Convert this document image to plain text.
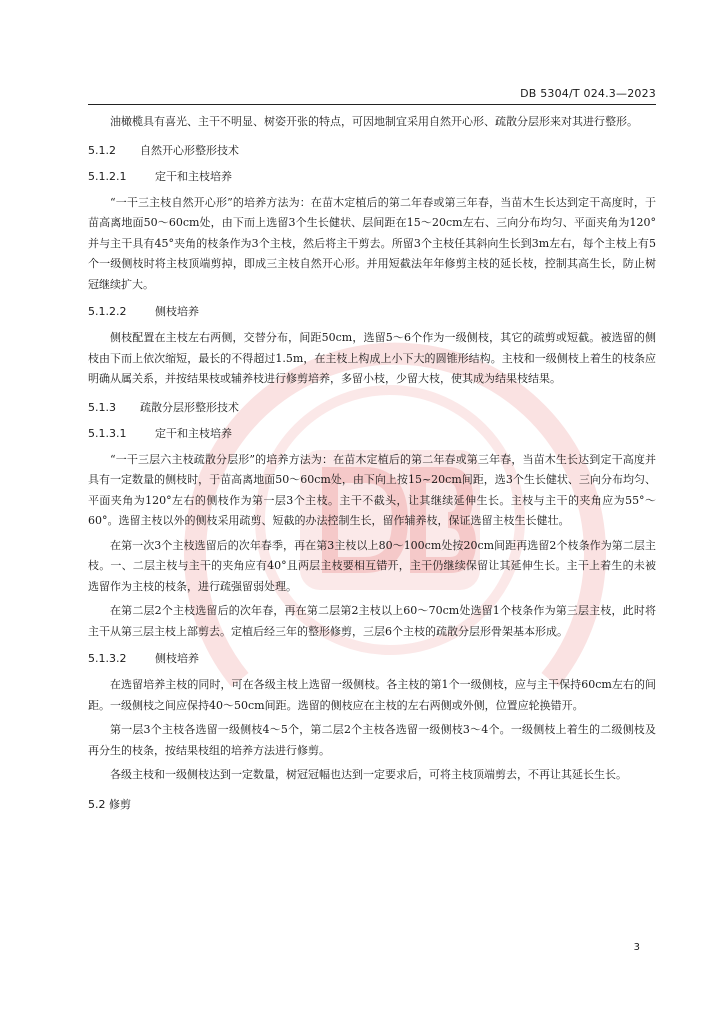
DB 5304/T 024.3—2023

油橄榄具有喜光、主干不明显、树姿开张的特点，可因地制宜采用自然开心形、疏散分层形来对其进行整形。

5.1.2 自然开心形整形技术
5.1.2.1	定干和主枝培养

“一干三主枝自然开心形”的培养方法为：在苗木定植后的第二年春或第三年春，当苗木生长达到定干高度时，于苗高离地面50～60cm处，由下而上选留3个生长健状、层间距在15～20cm左右、三向分布均匀、平面夹角为120°并与主干具有45°夹角的枝条作为3个主枝，然后将主干剪去。所留3个主枝任其斜向生长到3m左右，每个主枝上有5个一级侧枝时将主枝顶端剪掉，即成三主枝自然开心形。并用短截法年年修剪主枝的延长枝，控制其高生长，防止树冠继续扩大。

5.1.2.2	侧枝培养

侧枝配置在主枝左右两侧，交替分布，间距50cm，选留5～6个作为一级侧枝，其它的疏剪或短截。被选留的侧枝由下而上依次缩短，最长的不得超过1.5m，在主枝上构成上小下大的圆锥形结构。主枝和一级侧枝上着生的枝条应明确从属关系，并按结果枝或辅养枝进行修剪培养，多留小枝，少留大枝，使其成为结果枝结果。

5.1.3 疏散分层形整形技术
5.1.3.1	定干和主枝培养

“一干三层六主枝疏散分层形”的培养方法为：在苗木定植后的第二年春或第三年春，当苗木生长达到定干高度并具有一定数量的侧枝时，于苗高离地面50～60cm处，由下向上按15~20cm间距，选3个生长健状、三向分布均匀、平面夹角为120°左右的侧枝作为第一层3个主枝。主干不截头，让其继续延伸生长。主枝与主干的夹角应为55°～60°。选留主枝以外的侧枝采用疏剪、短截的办法控制生长，留作辅养枝，保证选留主枝生长健壮。

在第一次3个主枝选留后的次年春季，再在第3主枝以上80～100cm处按20cm间距再选留2个枝条作为第二层主枝。一、二层主枝与主干的夹角应有40°且两层主枝要相互错开，主干仍继续保留让其延伸生长。主干上着生的未被选留作为主枝的枝条，进行疏强留弱处理。

在第二层2个主枝选留后的次年春，再在第二层第2主枝以上60～70cm处选留1个枝条作为第三层主枝，此时将主干从第三层主枝上部剪去。定植后经三年的整形修剪，三层6个主枝的疏散分层形骨架基本形成。

5.1.3.2	侧枝培养

在选留培养主枝的同时，可在各级主枝上选留一级侧枝。各主枝的第1个一级侧枝，应与主干保持60cm左右的间距。一级侧枝之间应保持40～50cm间距。选留的侧枝应在主枝的左右两侧或外侧，位置应轮换错开。

第一层3个主枝各选留一级侧枝4～5个，第二层2个主枝各选留一级侧枝3～4个。一级侧枝上着生的二级侧枝及再分生的枝条，按结果枝组的培养方法进行修剪。

各级主枝和一级侧枝达到一定数量，树冠冠幅也达到一定要求后，可将主枝顶端剪去，不再让其延长生长。

5.2 修剪
3
